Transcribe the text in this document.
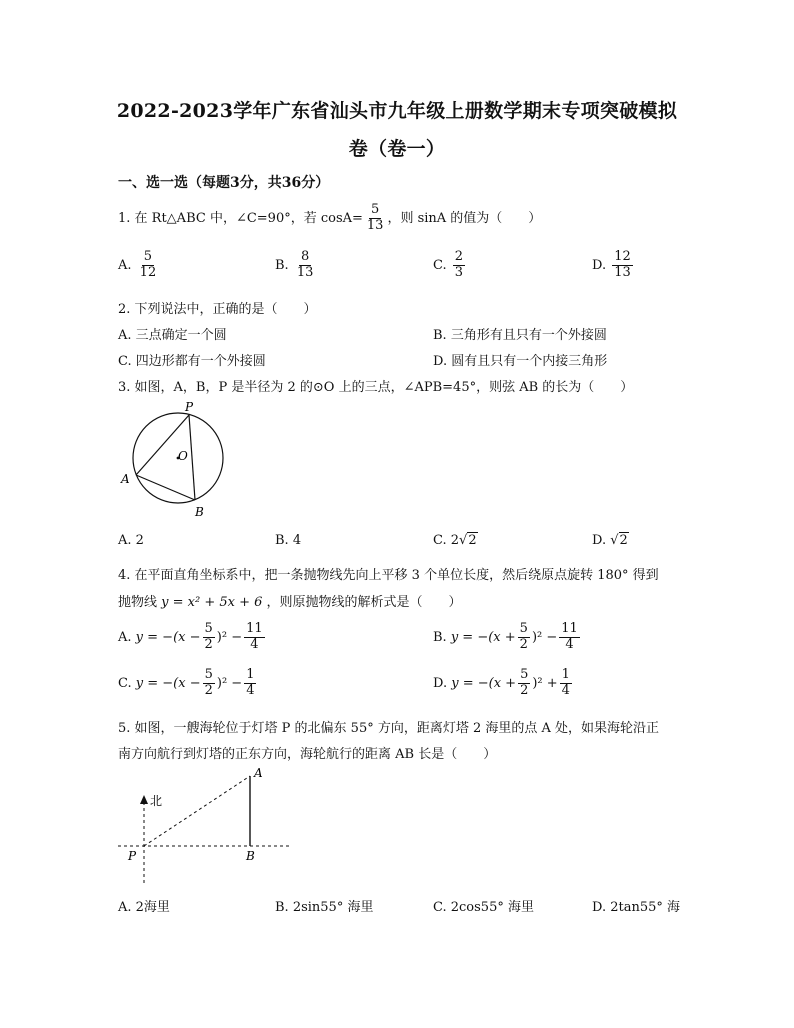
2022-2023学年广东省汕头市九年级上册数学期末专项突破模拟
卷（卷一）
一、选一选（每题3分，共36分）
1. 在 Rt△ABC 中，∠C=90°，若 $\cos A= \frac{5}{13}$ ，则 sinA 的值为（　　）
A. $\frac{5}{12}$	B. $\frac{8}{13}$	C. $\frac{2}{3}$	D. $\frac{12}{13}$
2. 下列说法中，正确的是（　　）
A. 三点确定一个圆	B. 三角形有且只有一个外接圆
C. 四边形都有一个外接圆	D. 圆有且只有一个内接三角形
3. 如图，A，B，P 是半径为 2 的⊙O 上的三点，∠APB=45°，则弦 AB 的长为（　　）
P
O
A
B
A. 2	B. 4	C. 2√2	D. √2
4. 在平面直角坐标系中，把一条抛物线先向上平移 3 个单位长度，然后绕原点旋转 180° 得到
抛物线 y = x² + 5x + 6 ，则原抛物线的解析式是（　　）
A. $y = -(x - \frac{5}{2} )^2 - \frac{11}{4}$	B. $y = -(x + \frac{5}{2} )^2 - \frac{11}{4}$
C. $y = -(x - \frac{5}{2} )^2 - \frac{1}{4}$	D. $y = -(x + \frac{5}{2} )^2 + \frac{1}{4}$
5. 如图，一艘海轮位于灯塔 P 的北偏东 55° 方向，距离灯塔 2 海里的点 A 处，如果海轮沿正
南方向航行到灯塔的正东方向，海轮航行的距离 AB 长是（　　）
北
A
P	B
A. 2海里	B. 2sin55° 海里	C. 2cos55° 海里	D. 2tan55° 海
